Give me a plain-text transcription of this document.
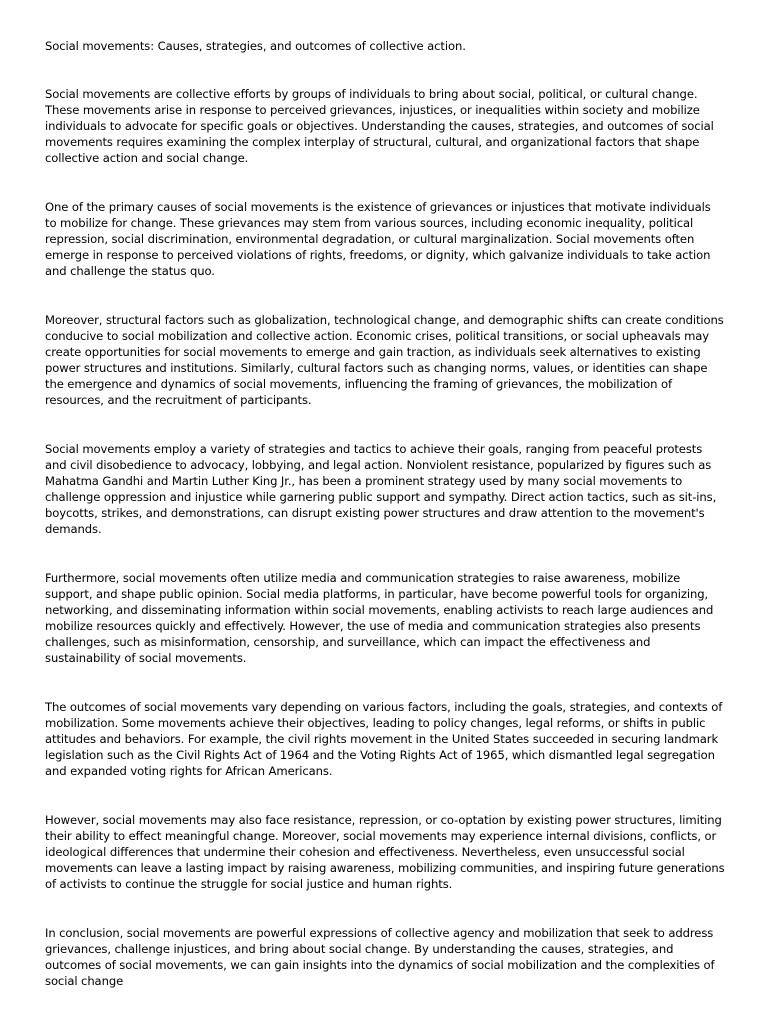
Social movements: Causes, strategies, and outcomes of collective action.

Social movements are collective efforts by groups of individuals to bring about social, political, or cultural change. These movements arise in response to perceived grievances, injustices, or inequalities within society and mobilize individuals to advocate for specific goals or objectives. Understanding the causes, strategies, and outcomes of social movements requires examining the complex interplay of structural, cultural, and organizational factors that shape collective action and social change.

One of the primary causes of social movements is the existence of grievances or injustices that motivate individuals to mobilize for change. These grievances may stem from various sources, including economic inequality, political repression, social discrimination, environmental degradation, or cultural marginalization. Social movements often emerge in response to perceived violations of rights, freedoms, or dignity, which galvanize individuals to take action and challenge the status quo.

Moreover, structural factors such as globalization, technological change, and demographic shifts can create conditions conducive to social mobilization and collective action. Economic crises, political transitions, or social upheavals may create opportunities for social movements to emerge and gain traction, as individuals seek alternatives to existing power structures and institutions. Similarly, cultural factors such as changing norms, values, or identities can shape the emergence and dynamics of social movements, influencing the framing of grievances, the mobilization of resources, and the recruitment of participants.

Social movements employ a variety of strategies and tactics to achieve their goals, ranging from peaceful protests and civil disobedience to advocacy, lobbying, and legal action. Nonviolent resistance, popularized by figures such as Mahatma Gandhi and Martin Luther King Jr., has been a prominent strategy used by many social movements to challenge oppression and injustice while garnering public support and sympathy. Direct action tactics, such as sit-ins, boycotts, strikes, and demonstrations, can disrupt existing power structures and draw attention to the movement's demands.

Furthermore, social movements often utilize media and communication strategies to raise awareness, mobilize support, and shape public opinion. Social media platforms, in particular, have become powerful tools for organizing, networking, and disseminating information within social movements, enabling activists to reach large audiences and mobilize resources quickly and effectively. However, the use of media and communication strategies also presents challenges, such as misinformation, censorship, and surveillance, which can impact the effectiveness and sustainability of social movements.

The outcomes of social movements vary depending on various factors, including the goals, strategies, and contexts of mobilization. Some movements achieve their objectives, leading to policy changes, legal reforms, or shifts in public attitudes and behaviors. For example, the civil rights movement in the United States succeeded in securing landmark legislation such as the Civil Rights Act of 1964 and the Voting Rights Act of 1965, which dismantled legal segregation and expanded voting rights for African Americans.

However, social movements may also face resistance, repression, or co-optation by existing power structures, limiting their ability to effect meaningful change. Moreover, social movements may experience internal divisions, conflicts, or ideological differences that undermine their cohesion and effectiveness. Nevertheless, even unsuccessful social movements can leave a lasting impact by raising awareness, mobilizing communities, and inspiring future generations of activists to continue the struggle for social justice and human rights.

In conclusion, social movements are powerful expressions of collective agency and mobilization that seek to address grievances, challenge injustices, and bring about social change. By understanding the causes, strategies, and outcomes of social movements, we can gain insights into the dynamics of social mobilization and the complexities of social change
